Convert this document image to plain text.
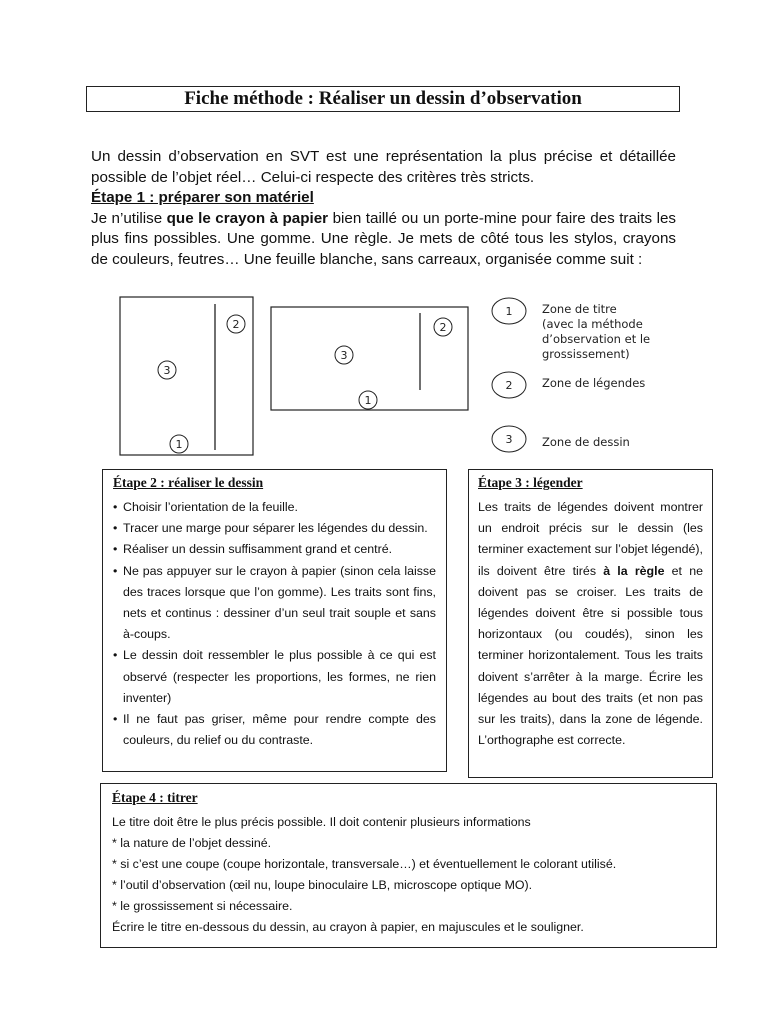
Fiche méthode : Réaliser un dessin d’observation

Un dessin d’observation en SVT est une représentation la plus précise et détaillée possible de l’objet réel… Celui-ci respecte des critères très stricts.

Étape 1 : préparer son matériel

Je n’utilise que le crayon à papier bien taillé ou un porte-mine pour faire des traits les plus fins possibles. Une gomme. Une règle. Je mets de côté tous les stylos, crayons de couleurs, feutres… Une feuille blanche, sans carreaux, organisée comme suit :

2
3
1
2
3
1
1	Zone de titre
(avec la méthode
d’observation et le
grossissement)
2	Zone de légendes
3	Zone de dessin
Étape 2 : réaliser le dessin
• Choisir l’orientation de la feuille.
• Tracer une marge pour séparer les légendes du dessin.
• Réaliser un dessin suffisamment grand et centré.
• Ne pas appuyer sur le crayon à papier (sinon cela laisse des traces lorsque que l’on gomme). Les traits sont fins, nets et continus : dessiner d’un seul trait souple et sans à-coups.
• Le dessin doit ressembler le plus possible à ce qui est observé (respecter les proportions, les formes, ne rien inventer)
• Il ne faut pas griser, même pour rendre compte des couleurs, du relief ou du contraste.
Étape 3 : légender

Les traits de légendes doivent montrer un endroit précis sur le dessin (les terminer exactement sur l’objet légendé), ils doivent être tirés à la règle et ne doivent pas se croiser. Les traits de légendes doivent être si possible tous horizontaux (ou coudés), sinon les terminer horizontalement. Tous les traits doivent s’arrêter à la marge. Écrire les légendes au bout des traits (et non pas sur les traits), dans la zone de légende. L’orthographe est correcte.

Étape 4 : titrer

Le titre doit être le plus précis possible. Il doit contenir plusieurs informations

* la nature de l’objet dessiné.

* si c’est une coupe (coupe horizontale, transversale…) et éventuellement le colorant utilisé.

* l’outil d’observation (œil nu, loupe binoculaire LB, microscope optique MO).

* le grossissement si nécessaire.

Écrire le titre en-dessous du dessin, au crayon à papier, en majuscules et le souligner.
